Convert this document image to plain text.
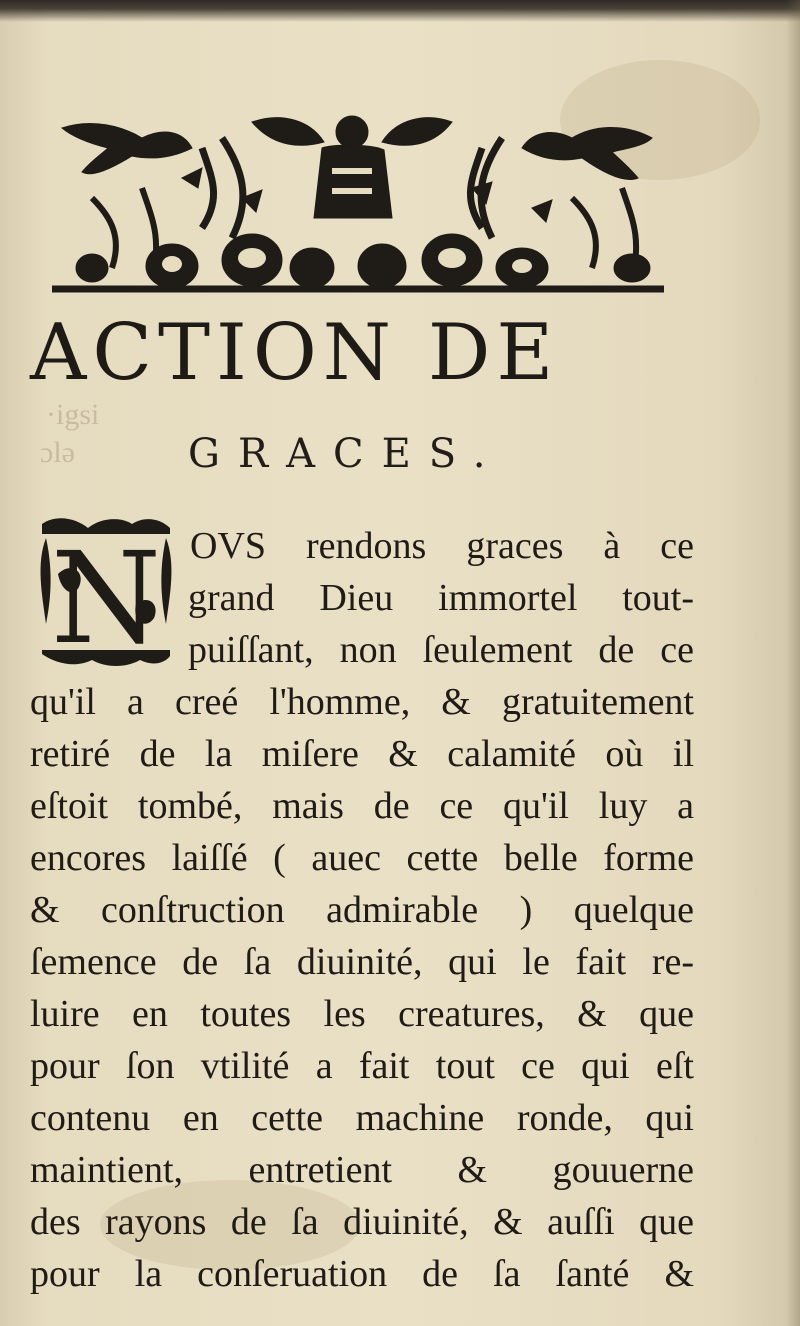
·igsi
ɔlə
ACTION DE
GRACES.
N OVS rendons graces à ce

grand Dieu immortel tout-

puiſſant, non ſeulement de ce

qu'il a creé l'homme, & gratuitement

retiré de la miſere & calamité où il

eſtoit tombé, mais de ce qu'il luy a

encores laiſſé ( auec cette belle forme

& conſtruction admirable ) quelque

ſemence de ſa diuinité, qui le fait re-

luire en toutes les creatures, & que

pour ſon vtilité a fait tout ce qui eſt

contenu en cette machine ronde, qui

maintient, entretient & gouuerne

des rayons de ſa diuinité, & auſſi que

pour la conſeruation de ſa ſanté &
